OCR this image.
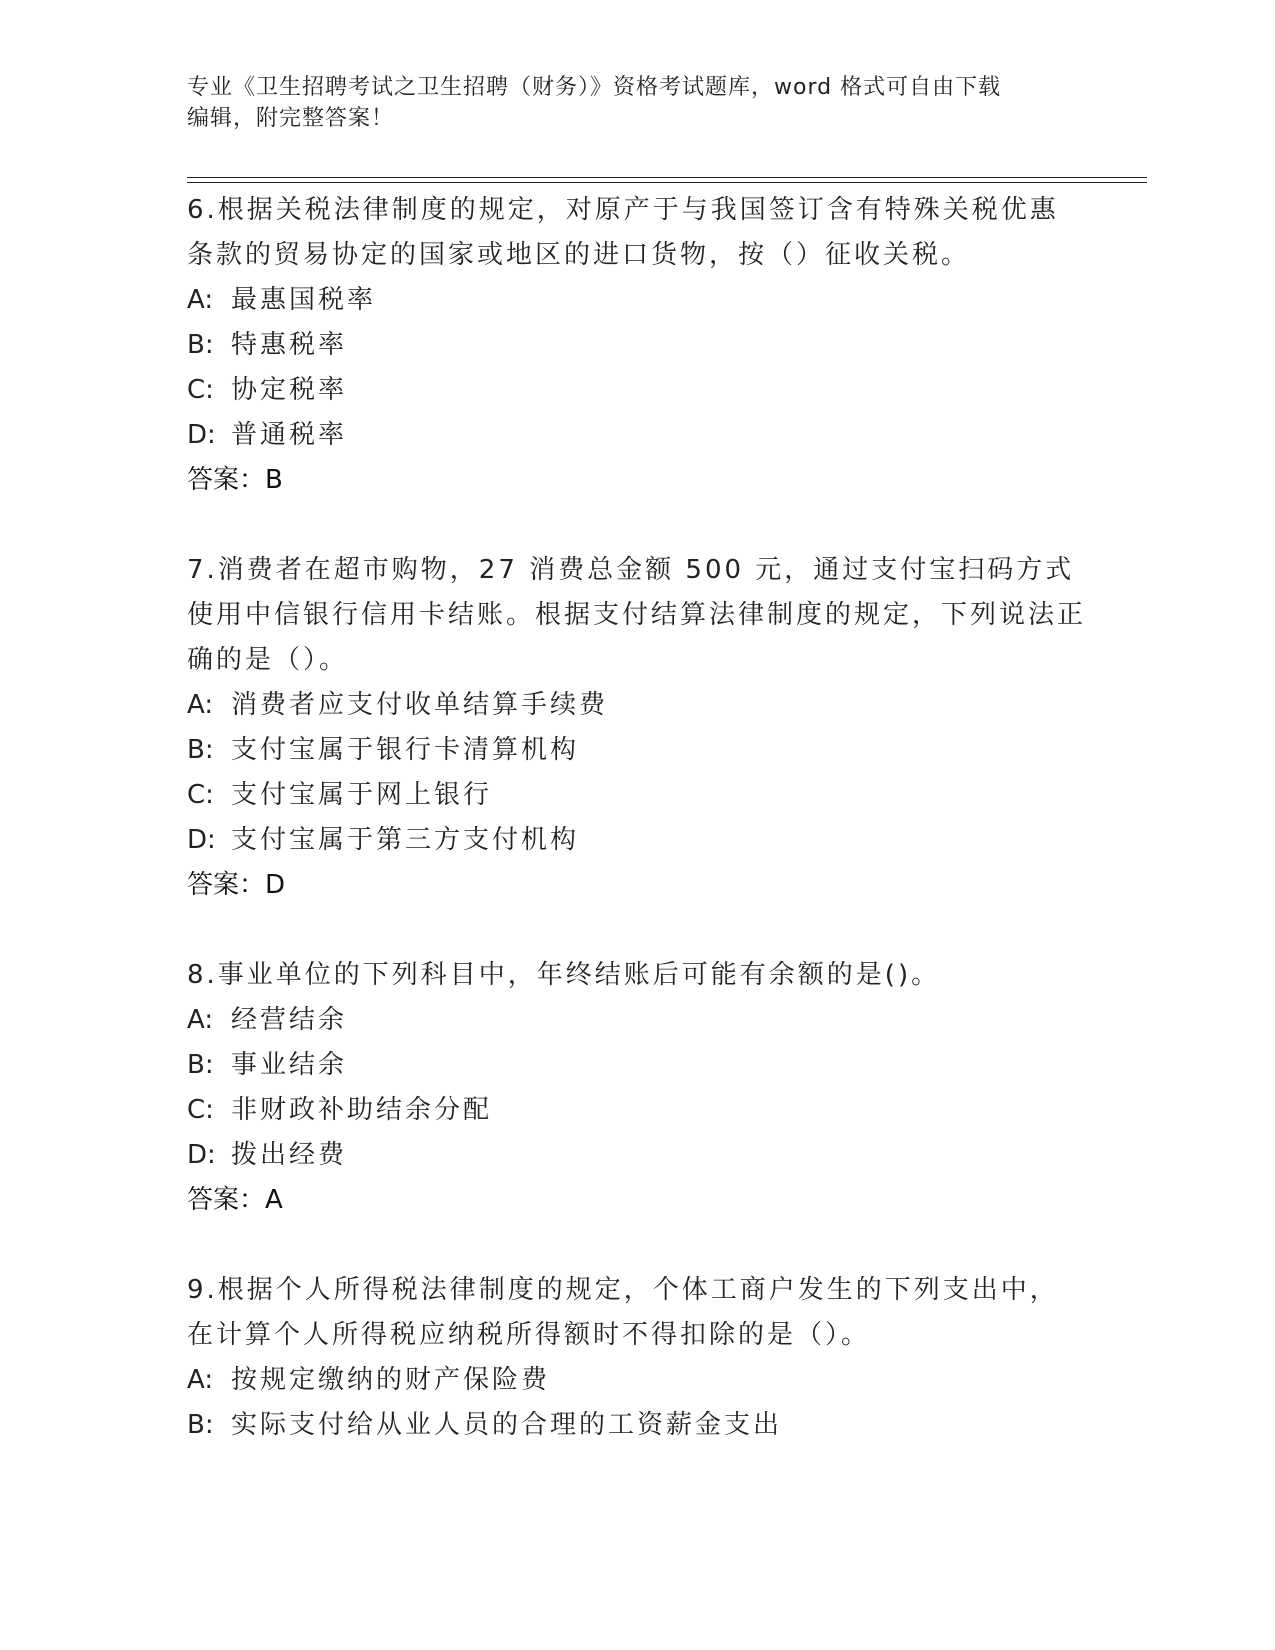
专业《卫生招聘考试之卫生招聘（财务）》资格考试题库，word 格式可自由下载
编辑，附完整答案！
6.根据关税法律制度的规定，对原产于与我国签订含有特殊关税优惠条款的贸易协定的国家或地区的进口货物，按（）征收关税。
A: 最惠国税率
B: 特惠税率
C: 协定税率
D: 普通税率
答案：B
7.消费者在超市购物，27 消费总金额 500 元，通过支付宝扫码方式使用中信银行信用卡结账。根据支付结算法律制度的规定，下列说法正确的是（）。
A: 消费者应支付收单结算手续费
B: 支付宝属于银行卡清算机构
C: 支付宝属于网上银行
D: 支付宝属于第三方支付机构
答案：D
8.事业单位的下列科目中，年终结账后可能有余额的是()。
A: 经营结余
B: 事业结余
C: 非财政补助结余分配
D: 拨出经费
答案：A
9.根据个人所得税法律制度的规定，个体工商户发生的下列支出中，在计算个人所得税应纳税所得额时不得扣除的是（）。
A: 按规定缴纳的财产保险费
B: 实际支付给从业人员的合理的工资薪金支出
